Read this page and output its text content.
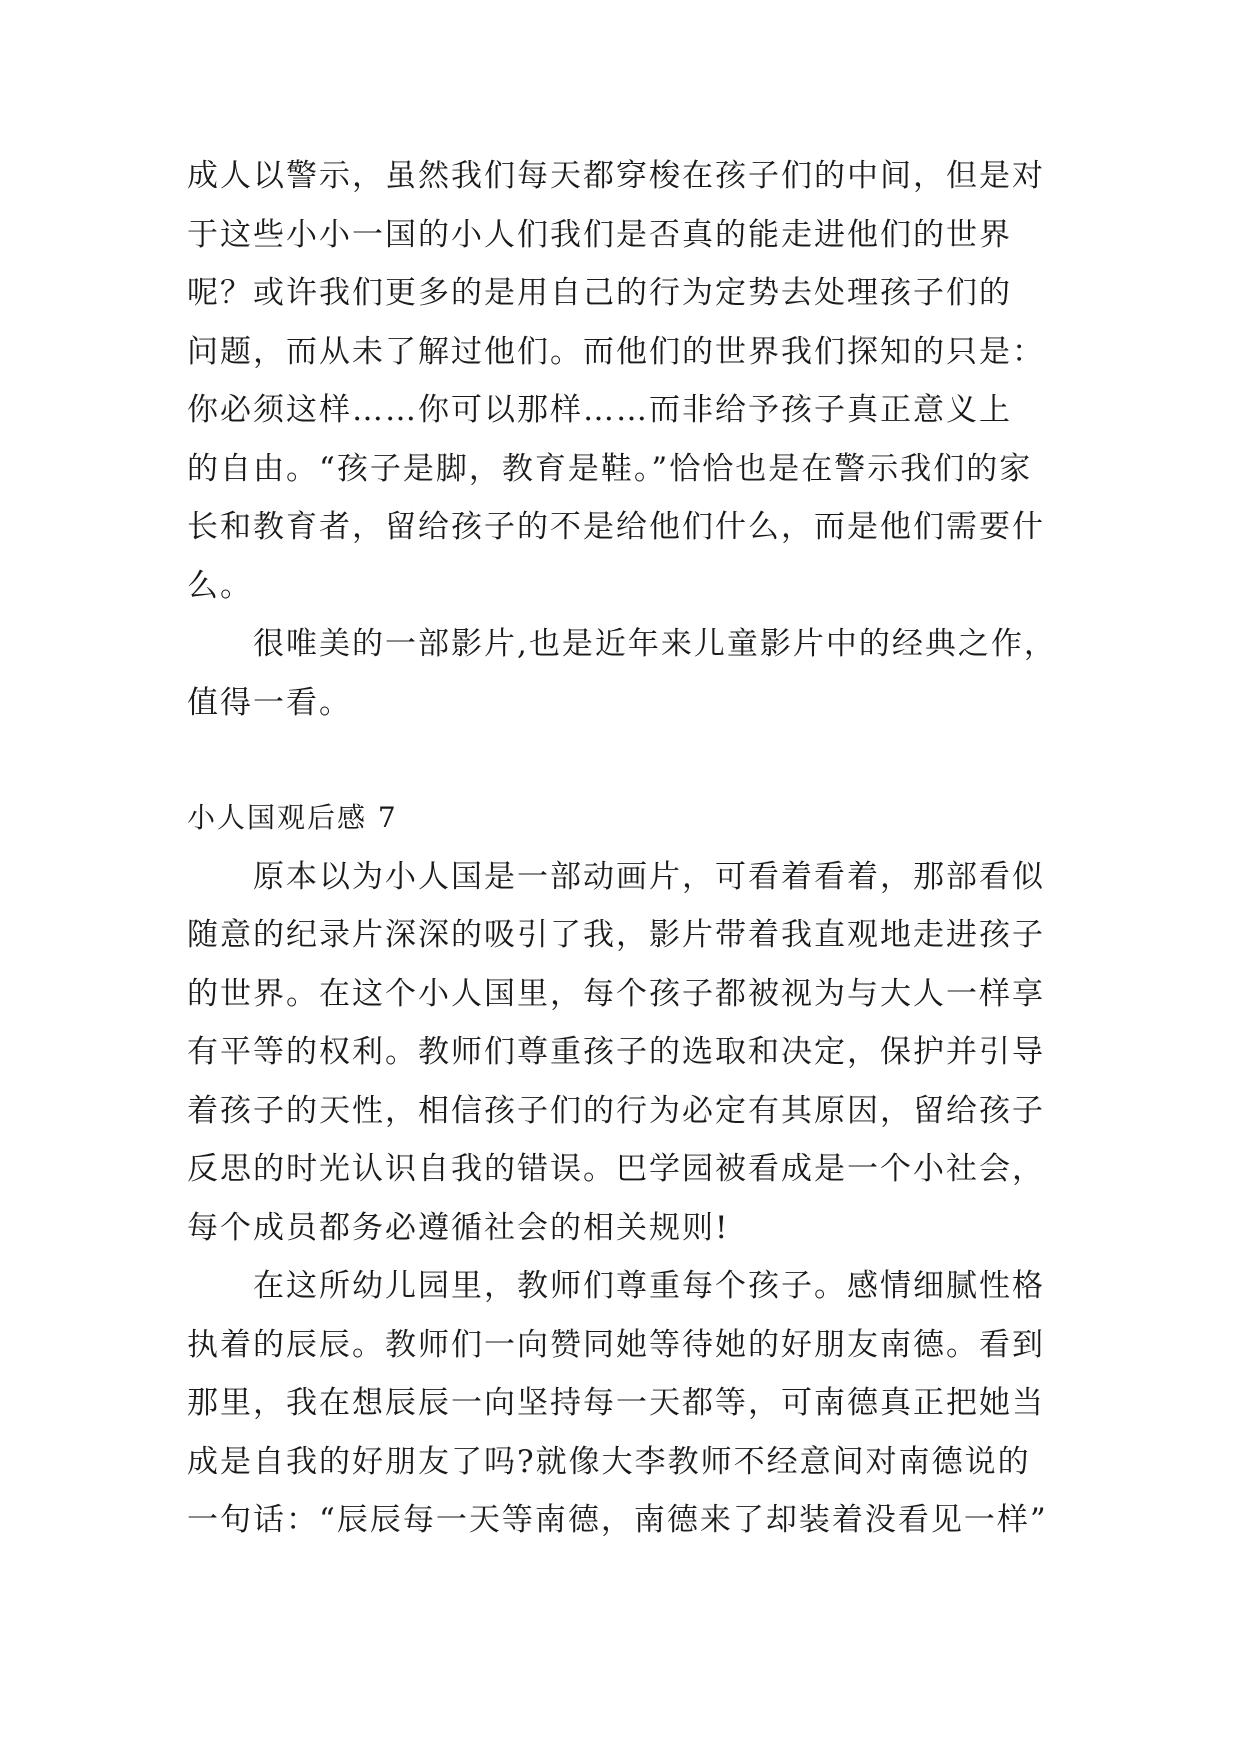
成人以警示，虽然我们每天都穿梭在孩子们的中间，但是对
于这些小小一国的小人们我们是否真的能走进他们的世界
呢？或许我们更多的是用自己的行为定势去处理孩子们的
问题，而从未了解过他们。而他们的世界我们探知的只是：
你必须这样……你可以那样……而非给予孩子真正意义上
的自由。“孩子是脚，教育是鞋。”恰恰也是在警示我们的家
长和教育者，留给孩子的不是给他们什么，而是他们需要什
么。

很唯美的一部影片,也是近年来儿童影片中的经典之作，
值得一看。

小人国观后感 7

原本以为小人国是一部动画片，可看着看着，那部看似
随意的纪录片深深的吸引了我，影片带着我直观地走进孩子
的世界。在这个小人国里，每个孩子都被视为与大人一样享
有平等的权利。教师们尊重孩子的选取和决定，保护并引导
着孩子的天性，相信孩子们的行为必定有其原因，留给孩子
反思的时光认识自我的错误。巴学园被看成是一个小社会，
每个成员都务必遵循社会的相关规则!

在这所幼儿园里，教师们尊重每个孩子。感情细腻性格
执着的辰辰。教师们一向赞同她等待她的好朋友南德。看到
那里，我在想辰辰一向坚持每一天都等，可南德真正把她当
成是自我的好朋友了吗?就像大李教师不经意间对南德说的
一句话：“辰辰每一天等南德，南德来了却装着没看见一样”
